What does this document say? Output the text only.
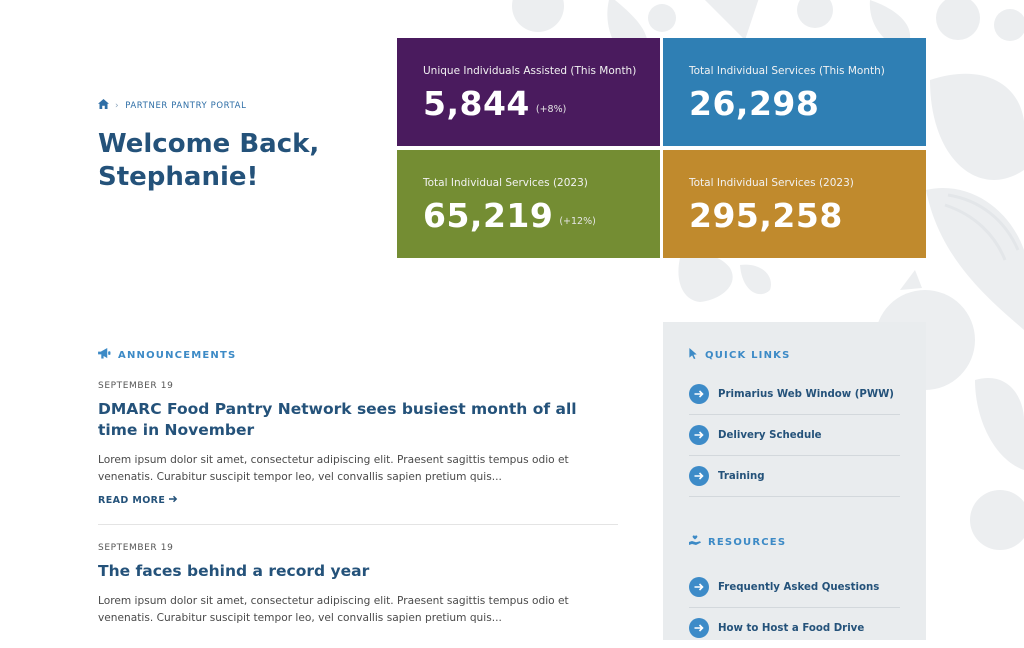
› PARTNER PANTRY PORTAL
Welcome Back,
Stephanie!
Unique Individuals Assisted (This Month)
5,844 (+8%)
Total Individual Services (This Month)
26,298
Total Individual Services (2023)
65,219 (+12%)
Total Individual Services (2023)
295,258
ANNOUNCEMENTS
SEPTEMBER 19
DMARC Food Pantry Network sees busiest month of all time in November

Lorem ipsum dolor sit amet, consectetur adipiscing elit. Praesent sagittis tempus odio et venenatis. Curabitur suscipit tempor leo, vel convallis sapien pretium quis...

READ MORE
SEPTEMBER 19
The faces behind a record year

Lorem ipsum dolor sit amet, consectetur adipiscing elit. Praesent sagittis tempus odio et venenatis. Curabitur suscipit tempor leo, vel convallis sapien pretium quis...

QUICK LINKS
Primarius Web Window (PWW)
Delivery Schedule
Training
RESOURCES
Frequently Asked Questions
How to Host a Food Drive
